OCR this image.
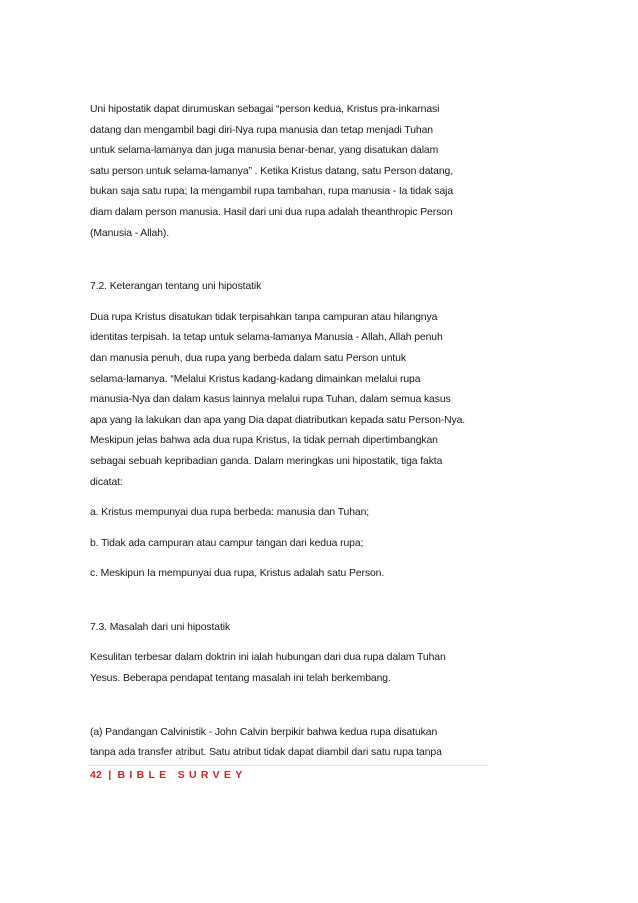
Uni hipostatik dapat dirumuskan sebagai “person kedua, Kristus pra-inkarnasi
datang dan mengambil bagi diri‑Nya rupa manusia dan tetap menjadi Tuhan
untuk selama‑lamanya dan juga manusia benar‑benar, yang disatukan dalam
satu person untuk selama‑lamanya” . Ketika Kristus datang, satu Person datang,
bukan saja satu rupa; Ia mengambil rupa tambahan, rupa manusia ‑ Ia tidak saja
diam dalam person manusia. Hasil dari uni dua rupa adalah theanthropic Person
(Manusia ‑ Allah).

7.2. Keterangan tentang uni hipostatik

Dua rupa Kristus disatukan tidak terpisahkan tanpa campuran atau hilangnya
identitas terpisah. Ia tetap untuk selama‑lamanya Manusia ‑ Allah, Allah penuh
dan manusia penuh, dua rupa yang berbeda dalam satu Person untuk
selama‑lamanya. “Melalui Kristus kadang‑kadang dimainkan melalui rupa
manusia‑Nya dan dalam kasus lainnya melalui rupa Tuhan, dalam semua kasus
apa yang Ia lakukan dan apa yang Dia dapat diatributkan kepada satu Person‑Nya.
Meskipun jelas bahwa ada dua rupa Kristus, Ia tidak pernah dipertimbangkan
sebagai sebuah kepribadian ganda. Dalam meringkas uni hipostatik, tiga fakta
dicatat:

a. Kristus mempunyai dua rupa berbeda: manusia dan Tuhan;

b. Tidak ada campuran atau campur tangan dari kedua rupa;

c. Meskipun Ia mempunyai dua rupa, Kristus adalah satu Person.

7.3. Masalah dari uni hipostatik

Kesulitan terbesar dalam doktrin ini ialah hubungan dari dua rupa dalam Tuhan
Yesus. Beberapa pendapat tentang masalah ini telah berkembang.

(a) Pandangan Calvinistik ‑ John Calvin berpikir bahwa kedua rupa disatukan
tanpa ada transfer atribut. Satu atribut tidak dapat diambil dari satu rupa tanpa

42 | BIBLE SURVEY
